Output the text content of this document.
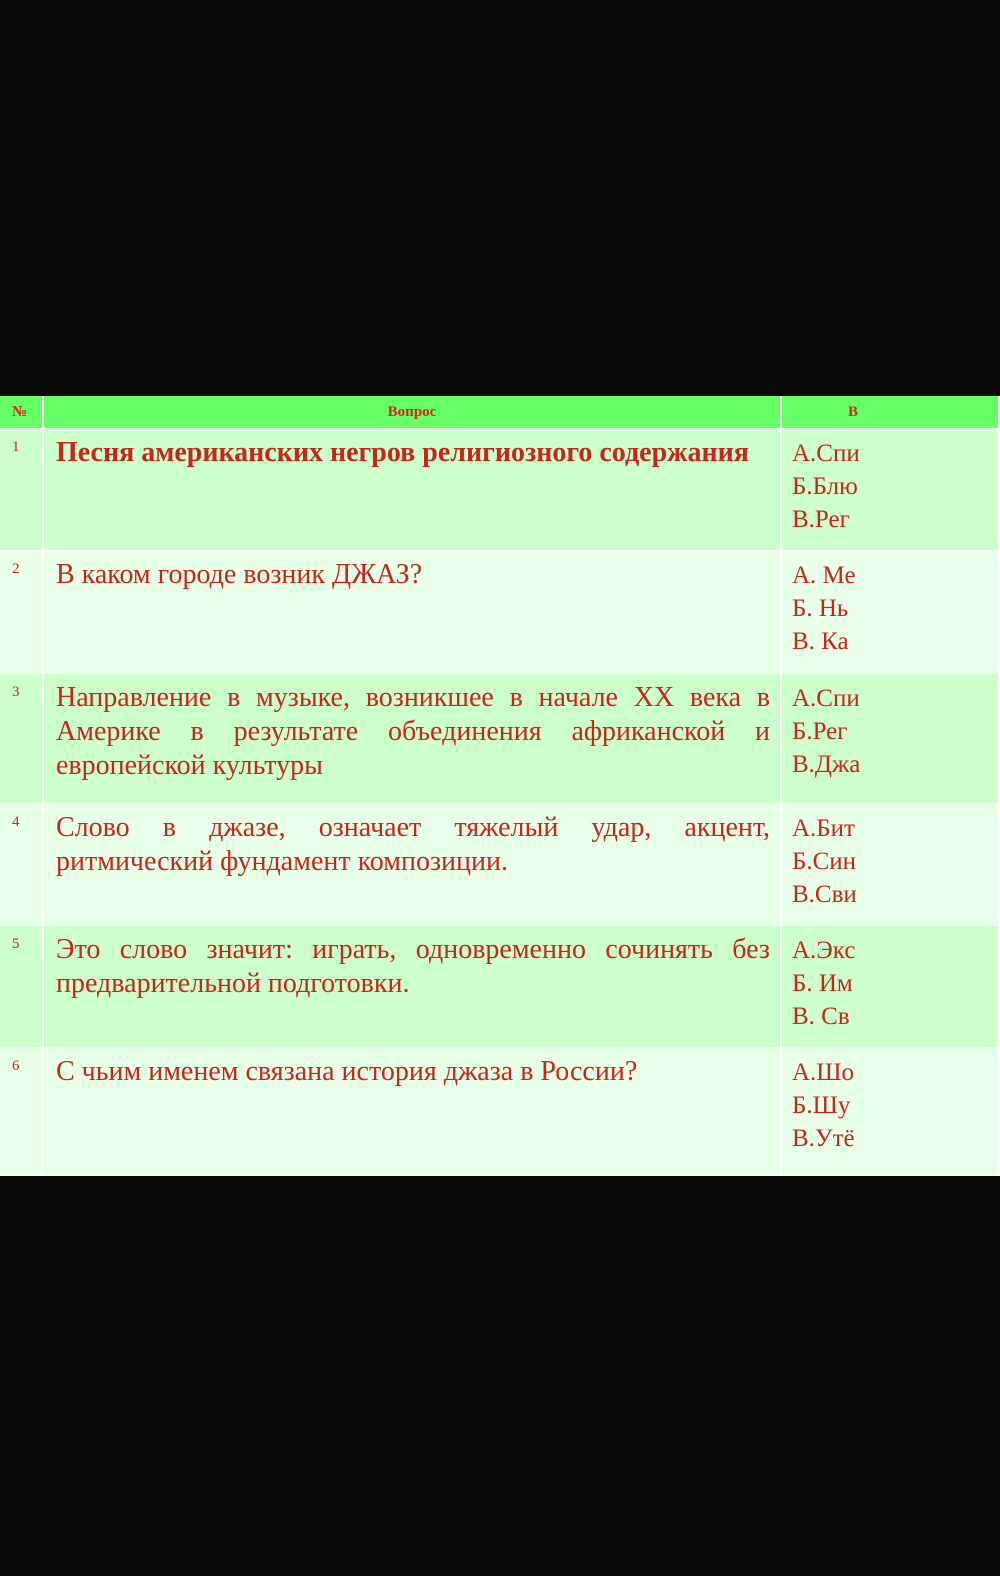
№	Вопрос	В
1	Песня американских негров религиозного содержания	А.Спи
Б.Блю
В.Рег

2	В каком городе возник ДЖАЗ?	А. Ме
Б. Нь
В. Ка

3	Направление в музыке, возникшее в начале XX века в Америке в результате объединения африканской и европейской культуры	А.Спи
Б.Рег
В.Джа

4	Слово в джазе, означает тяжелый удар, акцент, ритмический фундамент композиции.	А.Бит
Б.Син
В.Сви

5	Это слово значит: играть, одновременно сочинять без предварительной подготовки.	А.Экс
Б. Им
В. Св

6	С чьим именем связана история джаза в России?	А.Шо
Б.Шу
В.Утё
